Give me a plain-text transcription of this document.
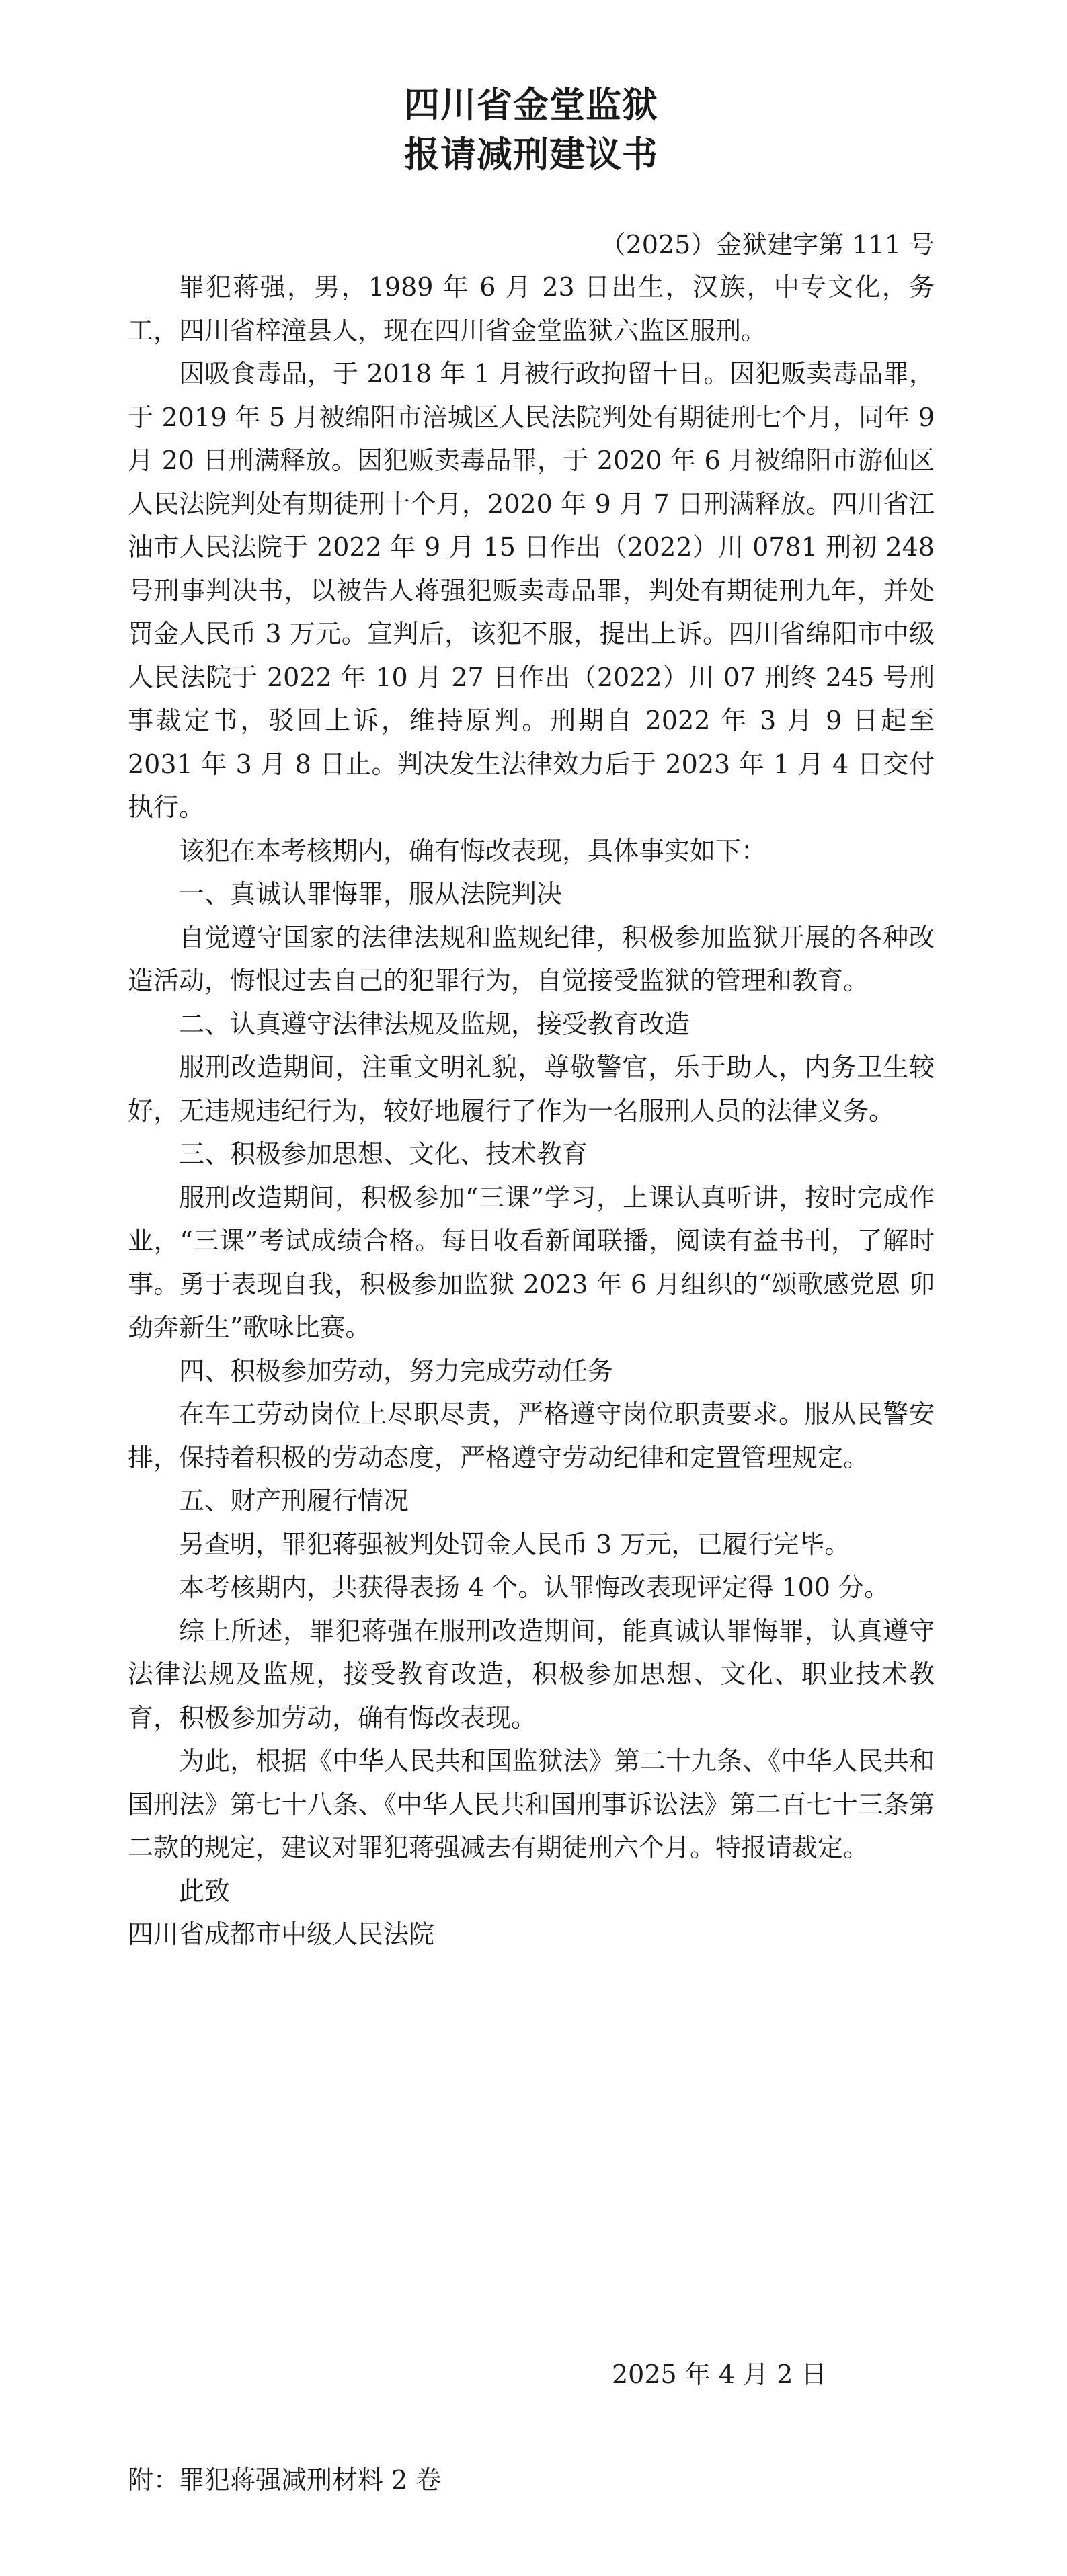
四川省金堂监狱
报请减刑建议书
（2025）金狱建字第 111 号

罪犯蒋强，男，1989 年 6 月 23 日出生，汉族，中专文化，务工，四川省梓潼县人，现在四川省金堂监狱六监区服刑。

因吸食毒品，于 2018 年 1 月被行政拘留十日。因犯贩卖毒品罪，于 2019 年 5 月被绵阳市涪城区人民法院判处有期徒刑七个月，同年 9 月 20 日刑满释放。因犯贩卖毒品罪，于 2020 年 6 月被绵阳市游仙区人民法院判处有期徒刑十个月，2020 年 9 月 7 日刑满释放。四川省江油市人民法院于 2022 年 9 月 15 日作出（2022）川 0781 刑初 248 号刑事判决书，以被告人蒋强犯贩卖毒品罪，判处有期徒刑九年，并处罚金人民币 3 万元。宣判后，该犯不服，提出上诉。四川省绵阳市中级人民法院于 2022 年 10 月 27 日作出（2022）川 07 刑终 245 号刑事裁定书，驳回上诉，维持原判。刑期自 2022 年 3 月 9 日起至 2031 年 3 月 8 日止。判决发生法律效力后于 2023 年 1 月 4 日交付执行。

该犯在本考核期内，确有悔改表现，具体事实如下：

一、真诚认罪悔罪，服从法院判决

自觉遵守国家的法律法规和监规纪律，积极参加监狱开展的各种改造活动，悔恨过去自己的犯罪行为，自觉接受监狱的管理和教育。

二、认真遵守法律法规及监规，接受教育改造

服刑改造期间，注重文明礼貌，尊敬警官，乐于助人，内务卫生较好，无违规违纪行为，较好地履行了作为一名服刑人员的法律义务。

三、积极参加思想、文化、技术教育

服刑改造期间，积极参加“三课”学习，上课认真听讲，按时完成作业，“三课”考试成绩合格。每日收看新闻联播，阅读有益书刊，了解时事。勇于表现自我，积极参加监狱 2023 年 6 月组织的“颂歌感党恩 卯劲奔新生”歌咏比赛。

四、积极参加劳动，努力完成劳动任务

在车工劳动岗位上尽职尽责，严格遵守岗位职责要求。服从民警安排，保持着积极的劳动态度，严格遵守劳动纪律和定置管理规定。

五、财产刑履行情况

另查明，罪犯蒋强被判处罚金人民币 3 万元，已履行完毕。

本考核期内，共获得表扬 4 个。认罪悔改表现评定得 100 分。

综上所述，罪犯蒋强在服刑改造期间，能真诚认罪悔罪，认真遵守法律法规及监规，接受教育改造，积极参加思想、文化、职业技术教育，积极参加劳动，确有悔改表现。

为此，根据《中华人民共和国监狱法》第二十九条、《中华人民共和国刑法》第七十八条、《中华人民共和国刑事诉讼法》第二百七十三条第二款的规定，建议对罪犯蒋强减去有期徒刑六个月。特报请裁定。

此致

四川省成都市中级人民法院

2025 年 4 月 2 日
附：罪犯蒋强减刑材料 2 卷
